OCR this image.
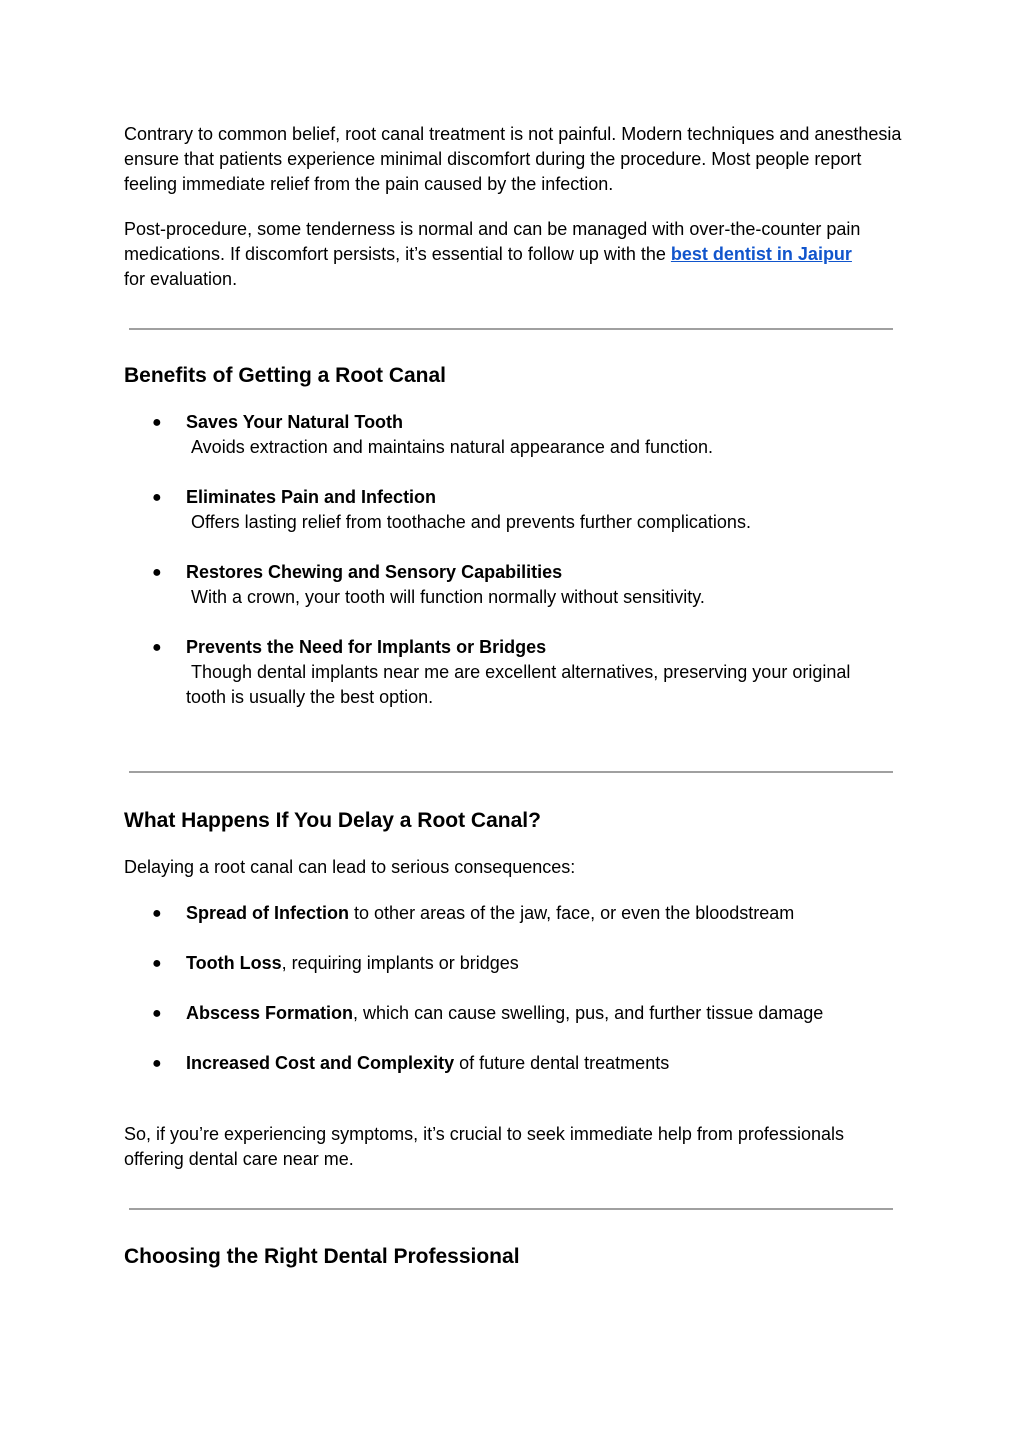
Contrary to common belief, root canal treatment is not painful. Modern techniques and anesthesia ensure that patients experience minimal discomfort during the procedure. Most people report feeling immediate relief from the pain caused by the infection.

Post-procedure, some tenderness is normal and can be managed with over-the-counter pain medications. If discomfort persists, it’s essential to follow up with the best dentist in Jaipur
for evaluation.

Benefits of Getting a Root Canal
● Saves Your Natural Tooth
Avoids extraction and maintains natural appearance and function.
● Eliminates Pain and Infection
Offers lasting relief from toothache and prevents further complications.
● Restores Chewing and Sensory Capabilities
With a crown, your tooth will function normally without sensitivity.
● Prevents the Need for Implants or Bridges
Though dental implants near me are excellent alternatives, preserving your original
tooth is usually the best option.
What Happens If You Delay a Root Canal?

Delaying a root canal can lead to serious consequences:

● Spread of Infection to other areas of the jaw, face, or even the bloodstream
● Tooth Loss, requiring implants or bridges
● Abscess Formation, which can cause swelling, pus, and further tissue damage
● Increased Cost and Complexity of future dental treatments

So, if you’re experiencing symptoms, it’s crucial to seek immediate help from professionals offering dental care near me.

Choosing the Right Dental Professional
